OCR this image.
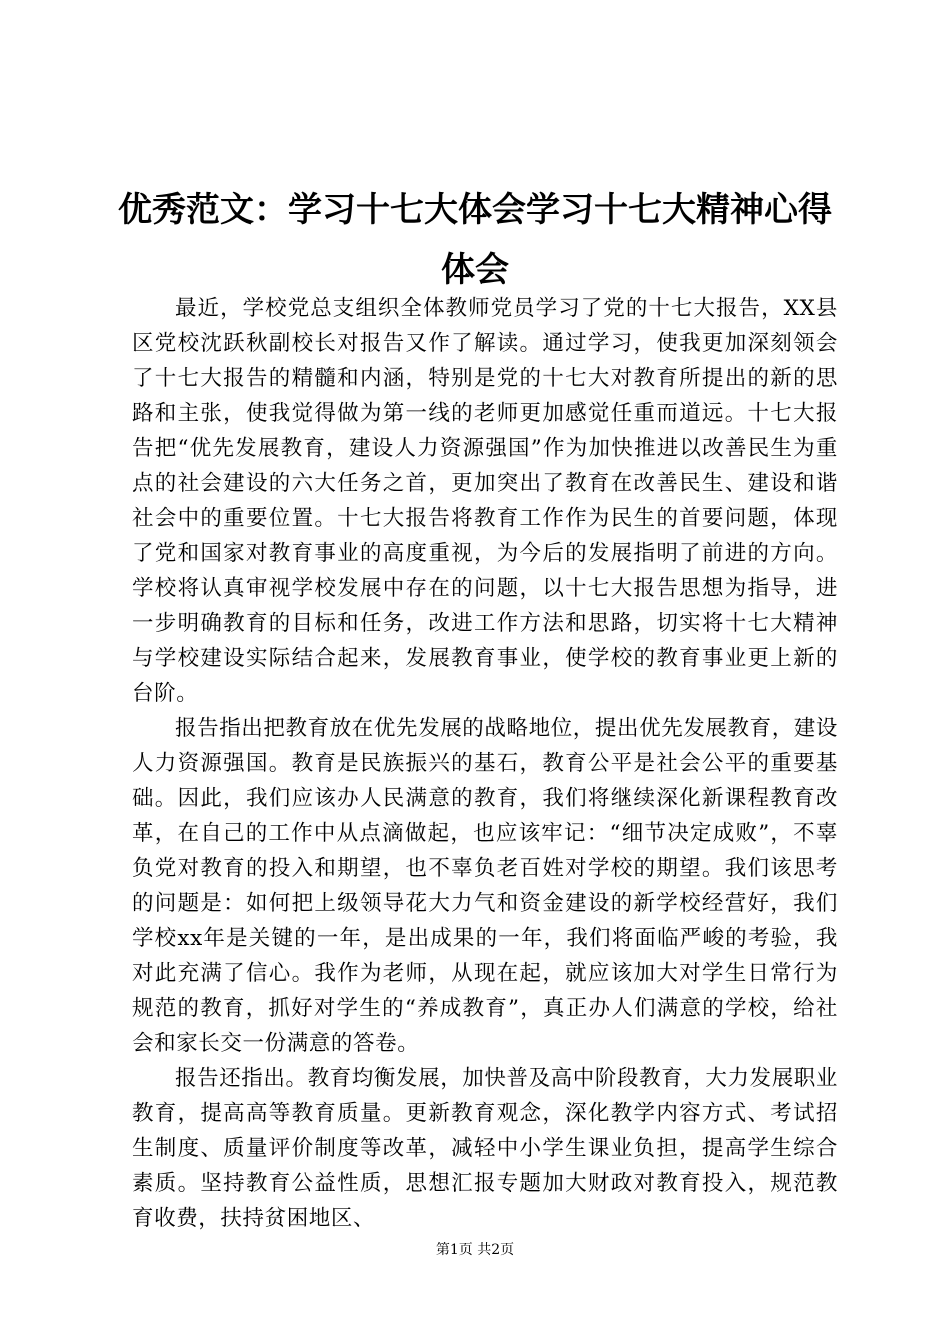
优秀范文：学习十七大体会学习十七大精神心得体会

最近，学校党总支组织全体教师党员学习了党的十七大报告，XX县区党校沈跃秋副校长对报告又作了解读。通过学习，使我更加深刻领会了十七大报告的精髓和内涵，特别是党的十七大对教育所提出的新的思路和主张，使我觉得做为第一线的老师更加感觉任重而道远。十七大报告把“优先发展教育，建设人力资源强国”作为加快推进以改善民生为重点的社会建设的六大任务之首，更加突出了教育在改善民生、建设和谐社会中的重要位置。十七大报告将教育工作作为民生的首要问题，体现了党和国家对教育事业的高度重视，为今后的发展指明了前进的方向。学校将认真审视学校发展中存在的问题，以十七大报告思想为指导，进一步明确教育的目标和任务，改进工作方法和思路，切实将十七大精神与学校建设实际结合起来，发展教育事业，使学校的教育事业更上新的台阶。

报告指出把教育放在优先发展的战略地位，提出优先发展教育，建设人力资源强国。教育是民族振兴的基石，教育公平是社会公平的重要基础。因此，我们应该办人民满意的教育，我们将继续深化新课程教育改革，在自己的工作中从点滴做起，也应该牢记：“细节决定成败”，不辜负党对教育的投入和期望，也不辜负老百姓对学校的期望。我们该思考的问题是：如何把上级领导花大力气和资金建设的新学校经营好，我们学校xx年是关键的一年，是出成果的一年，我们将面临严峻的考验，我对此充满了信心。我作为老师，从现在起，就应该加大对学生日常行为规范的教育，抓好对学生的“养成教育”，真正办人们满意的学校，给社会和家长交一份满意的答卷。

报告还指出。教育均衡发展，加快普及高中阶段教育，大力发展职业教育，提高高等教育质量。更新教育观念，深化教学内容方式、考试招生制度、质量评价制度等改革，减轻中小学生课业负担，提高学生综合素质。坚持教育公益性质，思想汇报专题加大财政对教育投入，规范教育收费，扶持贫困地区、

第1页 共2页
